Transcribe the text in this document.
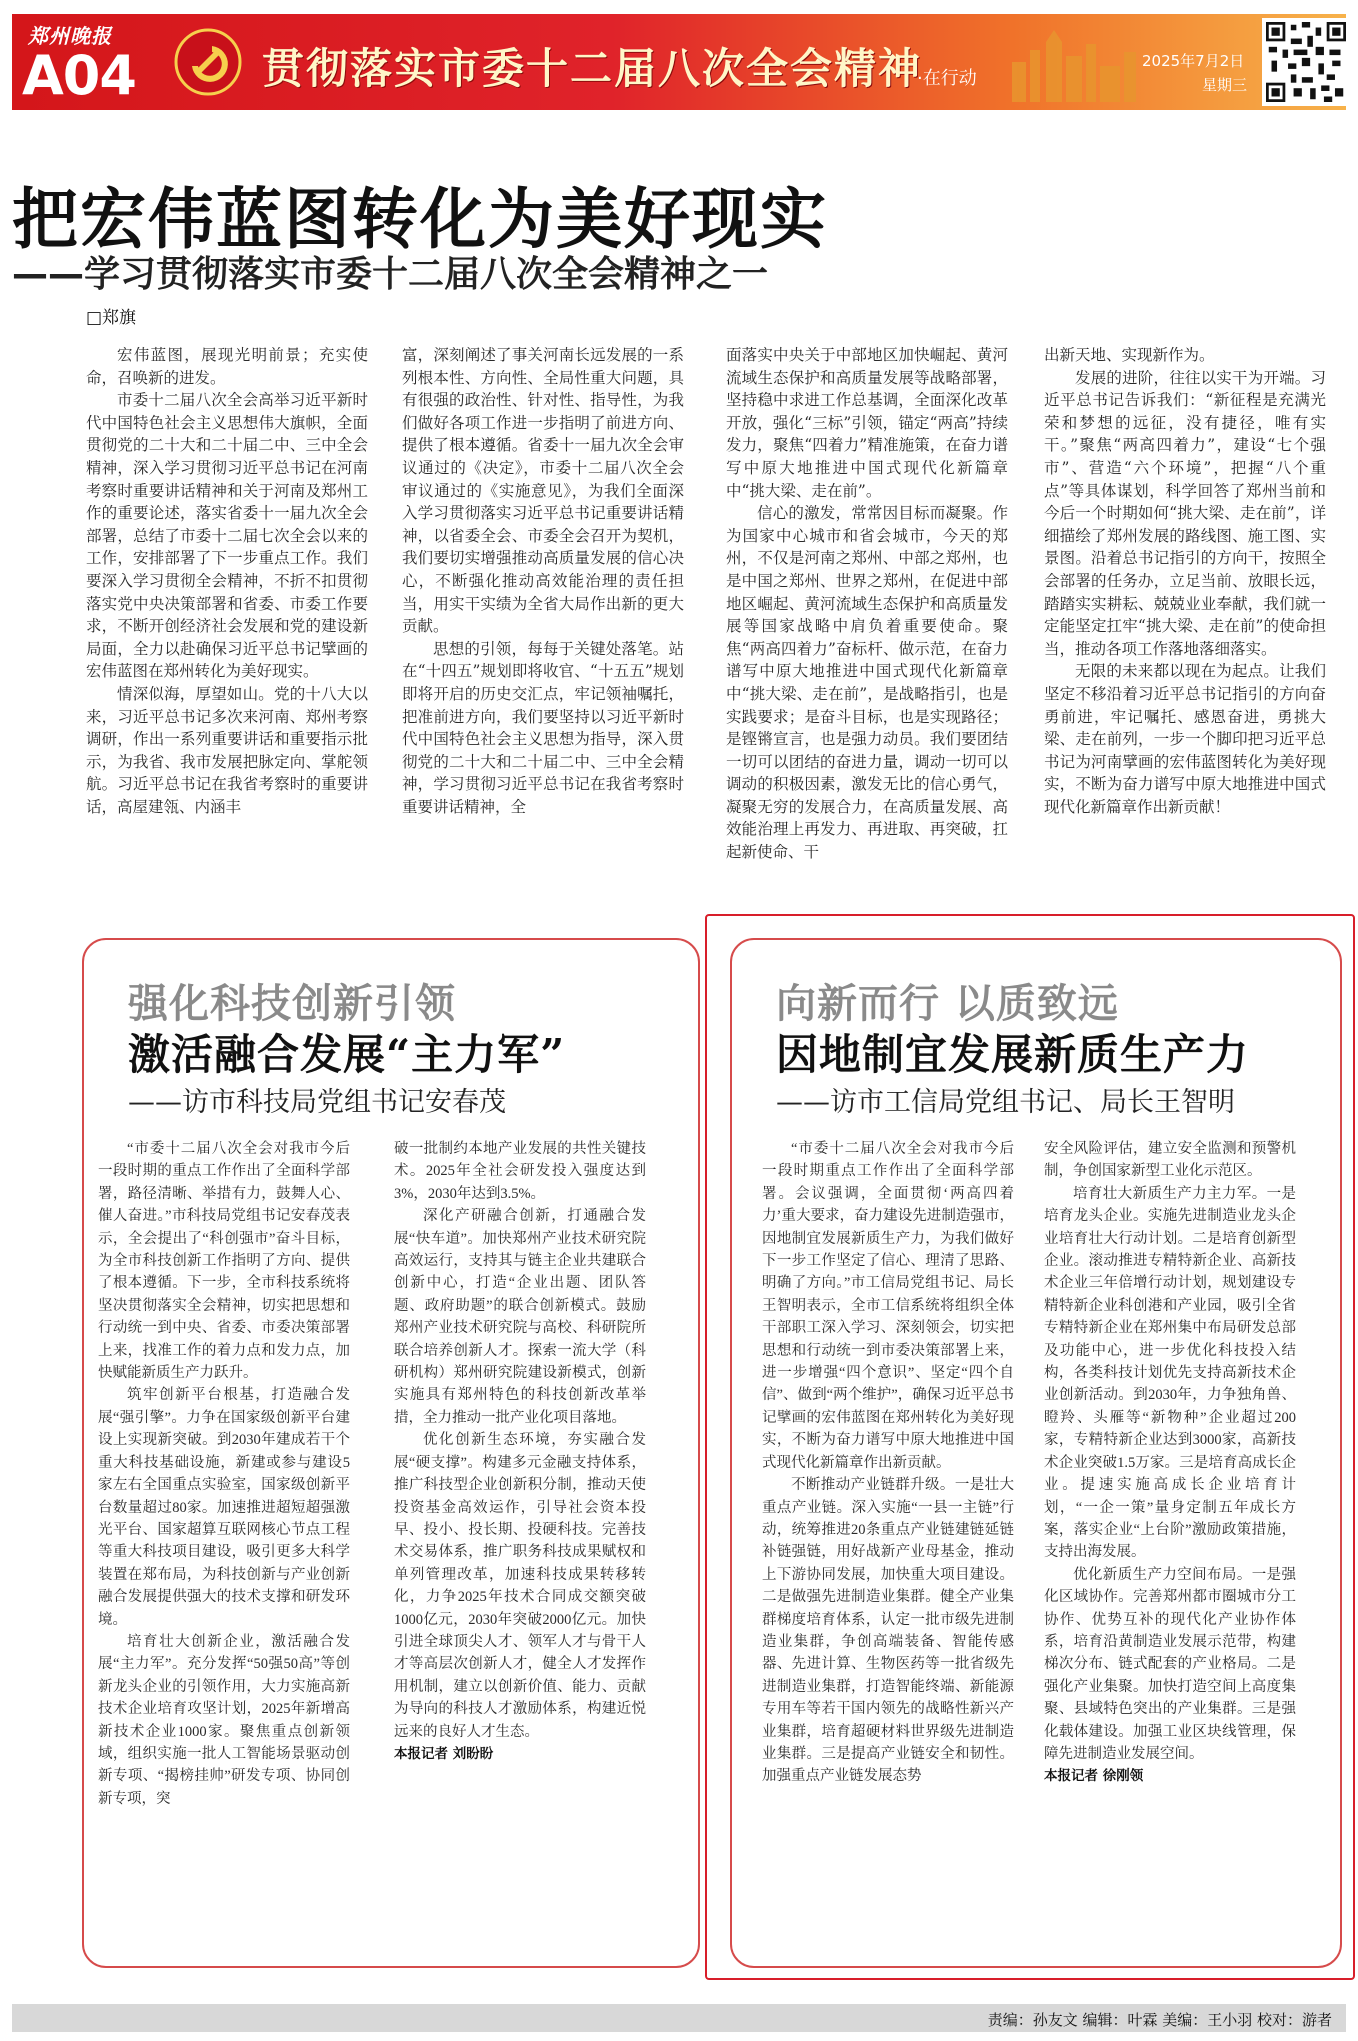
郑州晚报
A04	贯彻落实市委十二届八次全会精神
·在行动
2025年7月2日
星期三
把宏伟蓝图转化为美好现实
——学习贯彻落实市委十二届八次全会精神之一
□郑旗

宏伟蓝图，展现光明前景；充实使命，召唤新的进发。

市委十二届八次全会高举习近平新时代中国特色社会主义思想伟大旗帜，全面贯彻党的二十大和二十届二中、三中全会精神，深入学习贯彻习近平总书记在河南考察时重要讲话精神和关于河南及郑州工作的重要论述，落实省委十一届九次全会部署，总结了市委十二届七次全会以来的工作，安排部署了下一步重点工作。我们要深入学习贯彻全会精神，不折不扣贯彻落实党中央决策部署和省委、市委工作要求，不断开创经济社会发展和党的建设新局面，全力以赴确保习近平总书记擘画的宏伟蓝图在郑州转化为美好现实。

情深似海，厚望如山。党的十八大以来，习近平总书记多次来河南、郑州考察调研，作出一系列重要讲话和重要指示批示，为我省、我市发展把脉定向、掌舵领航。习近平总书记在我省考察时的重要讲话，高屋建瓴、内涵丰

富，深刻阐述了事关河南长远发展的一系列根本性、方向性、全局性重大问题，具有很强的政治性、针对性、指导性，为我们做好各项工作进一步指明了前进方向、提供了根本遵循。省委十一届九次全会审议通过的《决定》，市委十二届八次全会审议通过的《实施意见》，为我们全面深入学习贯彻落实习近平总书记重要讲话精神，以省委全会、市委全会召开为契机，我们要切实增强推动高质量发展的信心决心，不断强化推动高效能治理的责任担当，用实干实绩为全省大局作出新的更大贡献。

思想的引领，每每于关键处落笔。站在“十四五”规划即将收官、“十五五”规划即将开启的历史交汇点，牢记领袖嘱托，把准前进方向，我们要坚持以习近平新时代中国特色社会主义思想为指导，深入贯彻党的二十大和二十届二中、三中全会精神，学习贯彻习近平总书记在我省考察时重要讲话精神，全

面落实中央关于中部地区加快崛起、黄河流域生态保护和高质量发展等战略部署，坚持稳中求进工作总基调，全面深化改革开放，强化“三标”引领，锚定“两高”持续发力，聚焦“四着力”精准施策，在奋力谱写中原大地推进中国式现代化新篇章中“挑大梁、走在前”。

信心的激发，常常因目标而凝聚。作为国家中心城市和省会城市，今天的郑州，不仅是河南之郑州、中部之郑州，也是中国之郑州、世界之郑州，在促进中部地区崛起、黄河流域生态保护和高质量发展等国家战略中肩负着重要使命。聚焦“两高四着力”奋标杆、做示范，在奋力谱写中原大地推进中国式现代化新篇章中“挑大梁、走在前”，是战略指引，也是实践要求；是奋斗目标，也是实现路径；是铿锵宣言，也是强力动员。我们要团结一切可以团结的奋进力量，调动一切可以调动的积极因素，激发无比的信心勇气，凝聚无穷的发展合力，在高质量发展、高效能治理上再发力、再进取、再突破，扛起新使命、干

出新天地、实现新作为。

发展的进阶，往往以实干为开端。习近平总书记告诉我们：“新征程是充满光荣和梦想的远征，没有捷径，唯有实干。”聚焦“两高四着力”，建设“七个强市”、营造“六个环境”，把握“八个重点”等具体谋划，科学回答了郑州当前和今后一个时期如何“挑大梁、走在前”，详细描绘了郑州发展的路线图、施工图、实景图。沿着总书记指引的方向干，按照全会部署的任务办，立足当前、放眼长远，踏踏实实耕耘、兢兢业业奉献，我们就一定能坚定扛牢“挑大梁、走在前”的使命担当，推动各项工作落地落细落实。

无限的未来都以现在为起点。让我们坚定不移沿着习近平总书记指引的方向奋勇前进，牢记嘱托、感恩奋进，勇挑大梁、走在前列，一步一个脚印把习近平总书记为河南擘画的宏伟蓝图转化为美好现实，不断为奋力谱写中原大地推进中国式现代化新篇章作出新贡献！

强化科技创新引领
激活融合发展“主力军”
——访市科技局党组书记安春茂

“市委十二届八次全会对我市今后一段时期的重点工作作出了全面科学部署，路径清晰、举措有力，鼓舞人心、催人奋进。”市科技局党组书记安春茂表示，全会提出了“科创强市”奋斗目标，为全市科技创新工作指明了方向、提供了根本遵循。下一步，全市科技系统将坚决贯彻落实全会精神，切实把思想和行动统一到中央、省委、市委决策部署上来，找准工作的着力点和发力点，加快赋能新质生产力跃升。

筑牢创新平台根基，打造融合发展“强引擎”。力争在国家级创新平台建设上实现新突破。到2030年建成若干个重大科技基础设施，新建或参与建设5家左右全国重点实验室，国家级创新平台数量超过80家。加速推进超短超强激光平台、国家超算互联网核心节点工程等重大科技项目建设，吸引更多大科学装置在郑布局，为科技创新与产业创新融合发展提供强大的技术支撑和研发环境。

培育壮大创新企业，激活融合发展“主力军”。充分发挥“50强50高”等创新龙头企业的引领作用，大力实施高新技术企业培育攻坚计划，2025年新增高新技术企业1000家。聚焦重点创新领域，组织实施一批人工智能场景驱动创新专项、“揭榜挂帅”研发专项、协同创新专项，突

破一批制约本地产业发展的共性关键技术。2025年全社会研发投入强度达到3%，2030年达到3.5%。

深化产研融合创新，打通融合发展“快车道”。加快郑州产业技术研究院高效运行，支持其与链主企业共建联合创新中心，打造“企业出题、团队答题、政府助题”的联合创新模式。鼓励郑州产业技术研究院与高校、科研院所联合培养创新人才。探索一流大学（科研机构）郑州研究院建设新模式，创新实施具有郑州特色的科技创新改革举措，全力推动一批产业化项目落地。

优化创新生态环境，夯实融合发展“硬支撑”。构建多元金融支持体系，推广科技型企业创新积分制，推动天使投资基金高效运作，引导社会资本投早、投小、投长期、投硬科技。完善技术交易体系，推广职务科技成果赋权和单列管理改革，加速科技成果转移转化，力争2025年技术合同成交额突破1000亿元，2030年突破2000亿元。加快引进全球顶尖人才、领军人才与骨干人才等高层次创新人才，健全人才发挥作用机制，建立以创新价值、能力、贡献为导向的科技人才激励体系，构建近悦远来的良好人才生态。

本报记者 刘盼盼

向新而行 以质致远
因地制宜发展新质生产力
——访市工信局党组书记、局长王智明

“市委十二届八次全会对我市今后一段时期重点工作作出了全面科学部署。会议强调，全面贯彻‘两高四着力’重大要求，奋力建设先进制造强市，因地制宜发展新质生产力，为我们做好下一步工作坚定了信心、理清了思路、明确了方向。”市工信局党组书记、局长王智明表示，全市工信系统将组织全体干部职工深入学习、深刻领会，切实把思想和行动统一到市委决策部署上来，进一步增强“四个意识”、坚定“四个自信”、做到“两个维护”，确保习近平总书记擘画的宏伟蓝图在郑州转化为美好现实，不断为奋力谱写中原大地推进中国式现代化新篇章作出新贡献。

不断推动产业链群升级。一是壮大重点产业链。深入实施“一县一主链”行动，统筹推进20条重点产业链建链延链补链强链，用好战新产业母基金，推动上下游协同发展，加快重大项目建设。二是做强先进制造业集群。健全产业集群梯度培育体系，认定一批市级先进制造业集群，争创高端装备、智能传感器、先进计算、生物医药等一批省级先进制造业集群，打造智能终端、新能源专用车等若干国内领先的战略性新兴产业集群，培育超硬材料世界级先进制造业集群。三是提高产业链安全和韧性。加强重点产业链发展态势

安全风险评估，建立安全监测和预警机制，争创国家新型工业化示范区。

培育壮大新质生产力主力军。一是培育龙头企业。实施先进制造业龙头企业培育壮大行动计划。二是培育创新型企业。滚动推进专精特新企业、高新技术企业三年倍增行动计划，规划建设专精特新企业科创港和产业园，吸引全省专精特新企业在郑州集中布局研发总部及功能中心，进一步优化科技投入结构，各类科技计划优先支持高新技术企业创新活动。到2030年，力争独角兽、瞪羚、头雁等“新物种”企业超过200家，专精特新企业达到3000家，高新技术企业突破1.5万家。三是培育高成长企业。提速实施高成长企业培育计划，“一企一策”量身定制五年成长方案，落实企业“上台阶”激励政策措施，支持出海发展。

优化新质生产力空间布局。一是强化区域协作。完善郑州都市圈城市分工协作、优势互补的现代化产业协作体系，培育沿黄制造业发展示范带，构建梯次分布、链式配套的产业格局。二是强化产业集聚。加快打造空间上高度集聚、县域特色突出的产业集群。三是强化载体建设。加强工业区块线管理，保障先进制造业发展空间。

本报记者 徐刚领

责编：孙友文 编辑：叶霖 美编：王小羽 校对：游者
